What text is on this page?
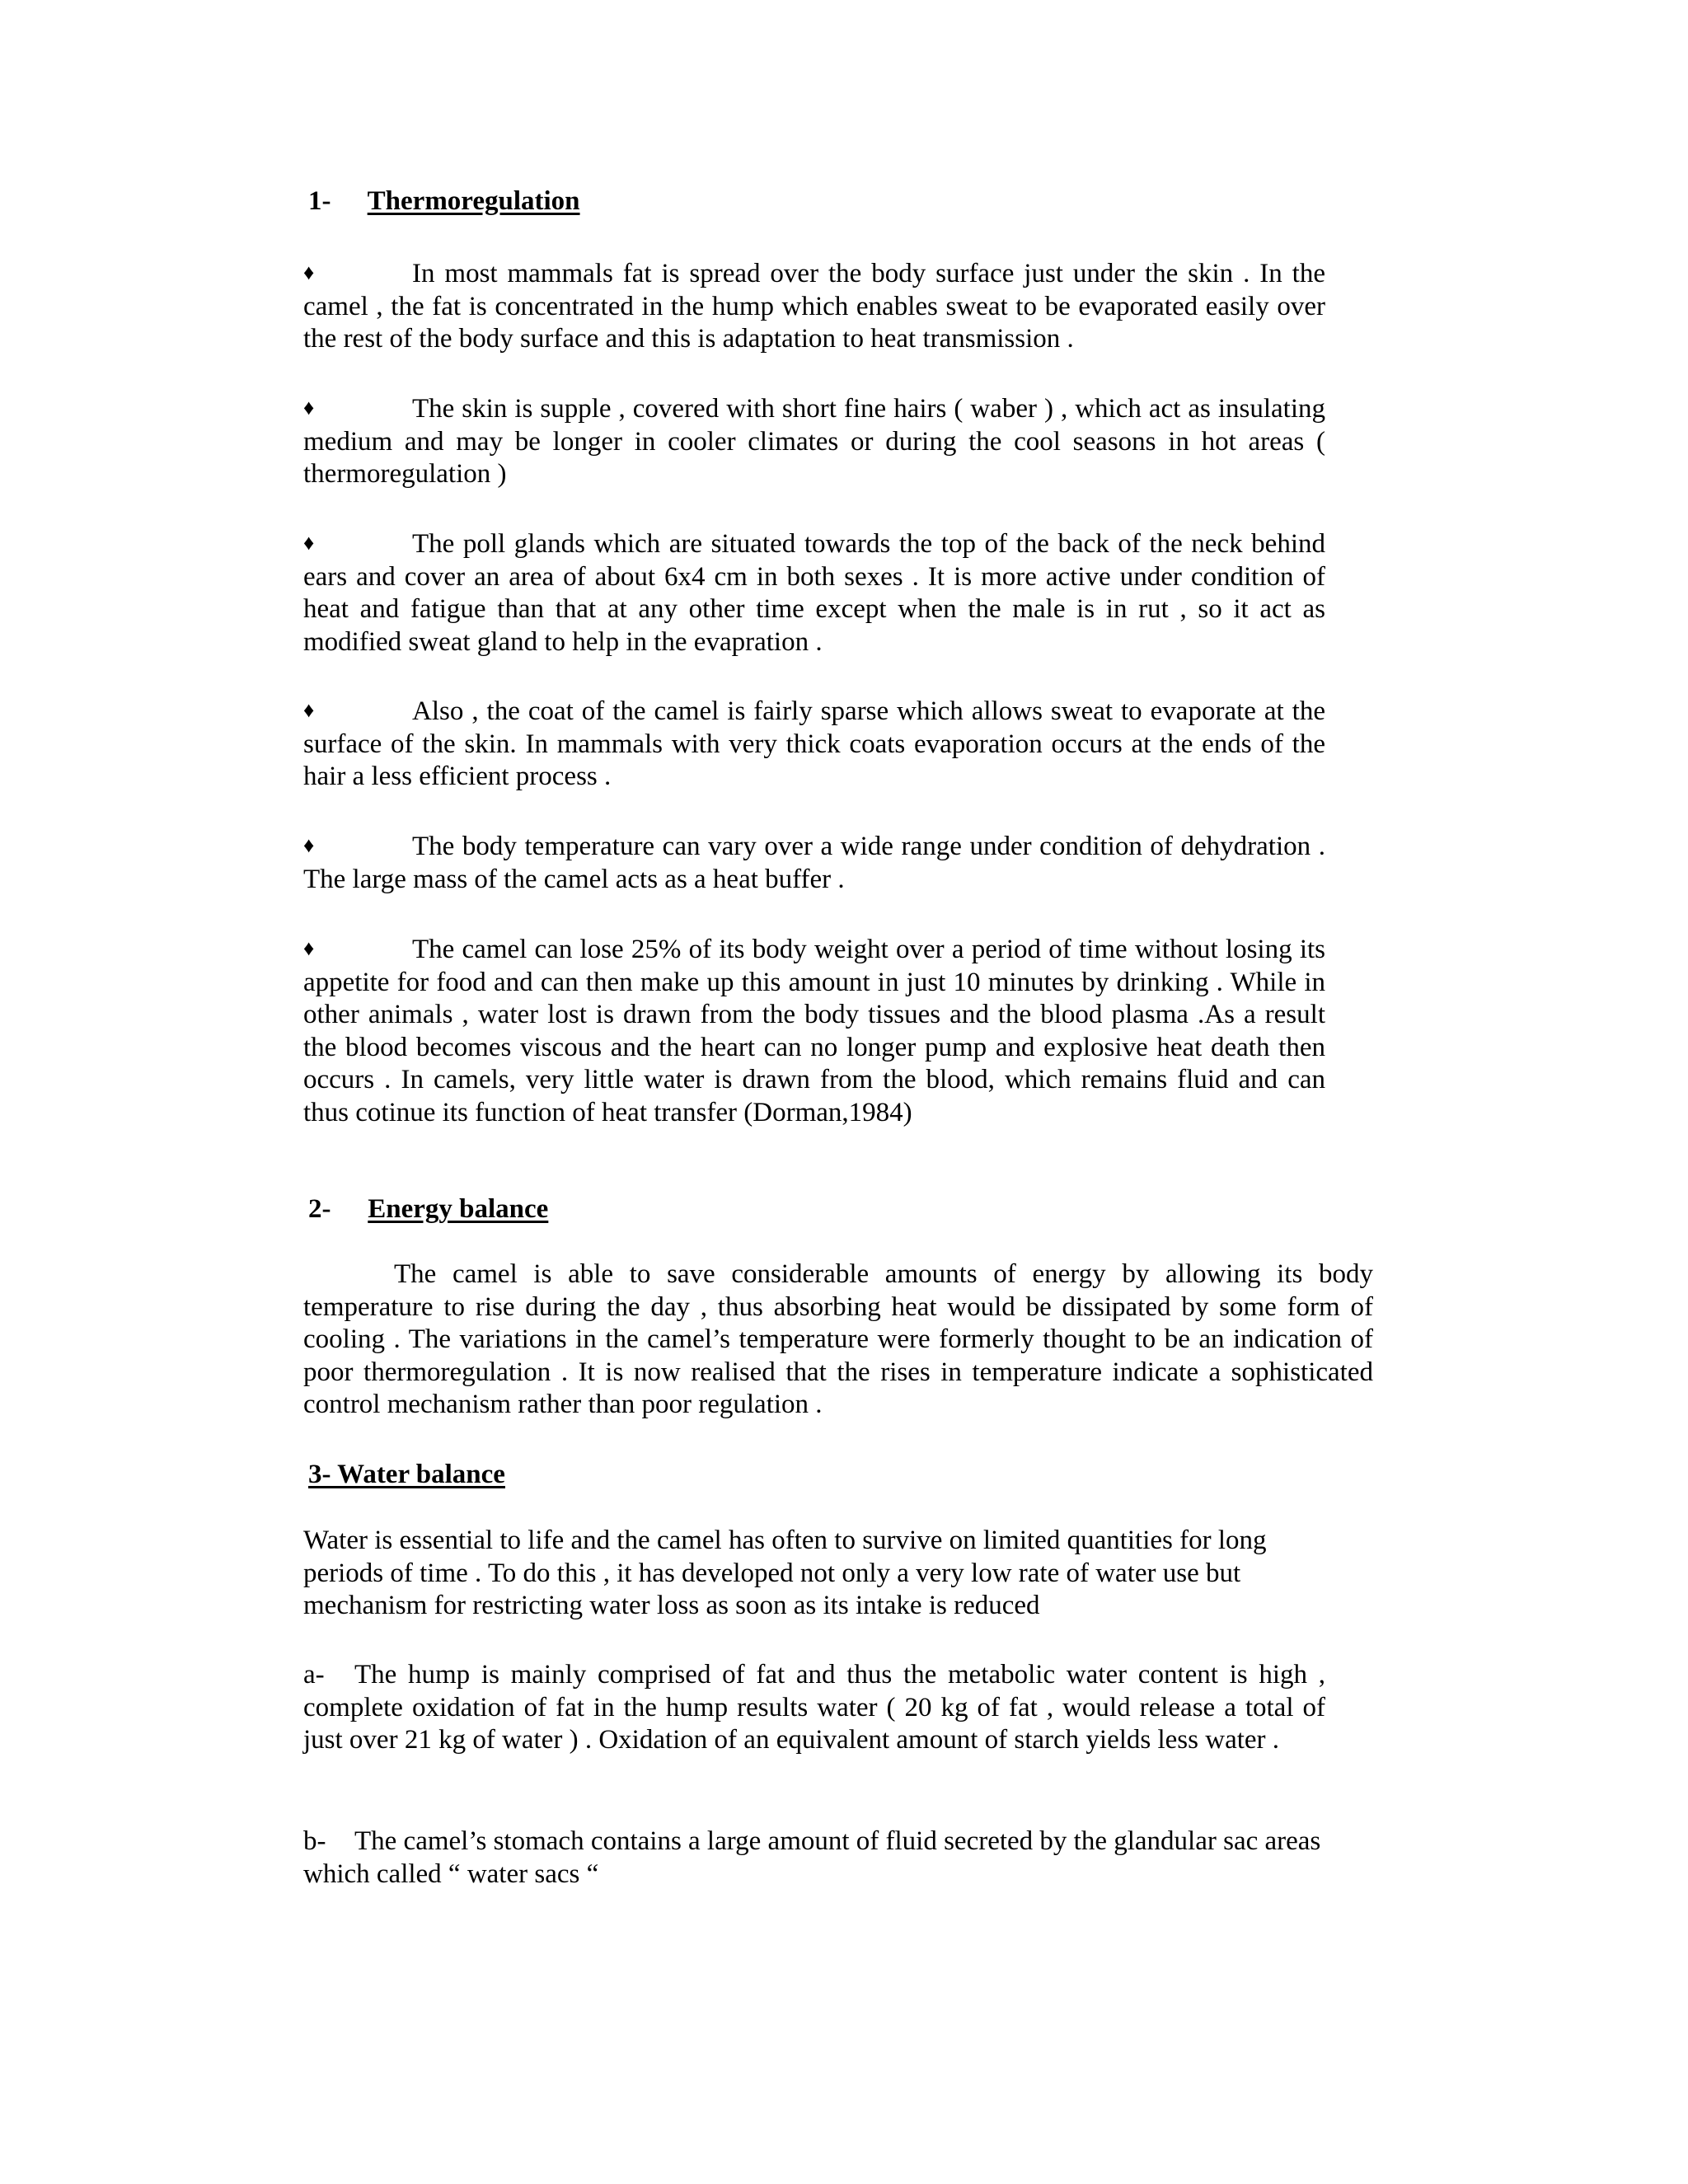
1- Thermoregulation
♦	In most mammals fat is spread over the body surface just under the skin . In the camel , the fat is concentrated in the hump which enables sweat to be evaporated easily over the rest of the body surface and this is adaptation to heat transmission .
♦	The skin is supple , covered with short fine hairs ( waber ) , which act as insulating medium and may be longer in cooler climates or during the cool seasons in hot areas ( thermoregulation )
♦	The poll glands which are situated towards the top of the back of the neck behind ears and cover an area of about 6x4 cm in both sexes . It is more active under condition of heat and fatigue than that at any other time except when the male is in rut , so it act as modified sweat gland to help in the evapration .
♦	Also , the coat of the camel is fairly sparse which allows sweat to evaporate at the surface of the skin. In mammals with very thick coats evaporation occurs at the ends of the hair a less efficient process .
♦	The body temperature can vary over a wide range under condition of dehydration . The large mass of the camel acts as a heat buffer .
♦	The camel can lose 25% of its body weight over a period of time without losing its appetite for food and can then make up this amount in just 10 minutes by drinking . While in other animals , water lost is drawn from the body tissues and the blood plasma .As a result the blood becomes viscous and the heart can no longer pump and explosive heat death then occurs . In camels, very little water is drawn from the blood, which remains fluid and can thus cotinue its function of heat transfer (Dorman,1984)
2- Energy balance
The camel is able to save considerable amounts of energy by allowing its body temperature to rise during the day , thus absorbing heat would be dissipated by some form of cooling . The variations in the camel’s temperature were formerly thought to be an indication of poor thermoregulation . It is now realised that the rises in temperature indicate a sophisticated control mechanism rather than poor regulation .
3- Water balance
Water is essential to life and the camel has often to survive on limited quantities for long periods of time . To do this , it has developed not only a very low rate of water use but mechanism for restricting water loss as soon as its intake is reduced
a- The hump is mainly comprised of fat and thus the metabolic water content is high , complete oxidation of fat in the hump results water ( 20 kg of fat , would release a total of just over 21 kg of water ) . Oxidation of an equivalent amount of starch yields less water .
b- The camel’s stomach contains a large amount of fluid secreted by the glandular sac areas which called “ water sacs “
